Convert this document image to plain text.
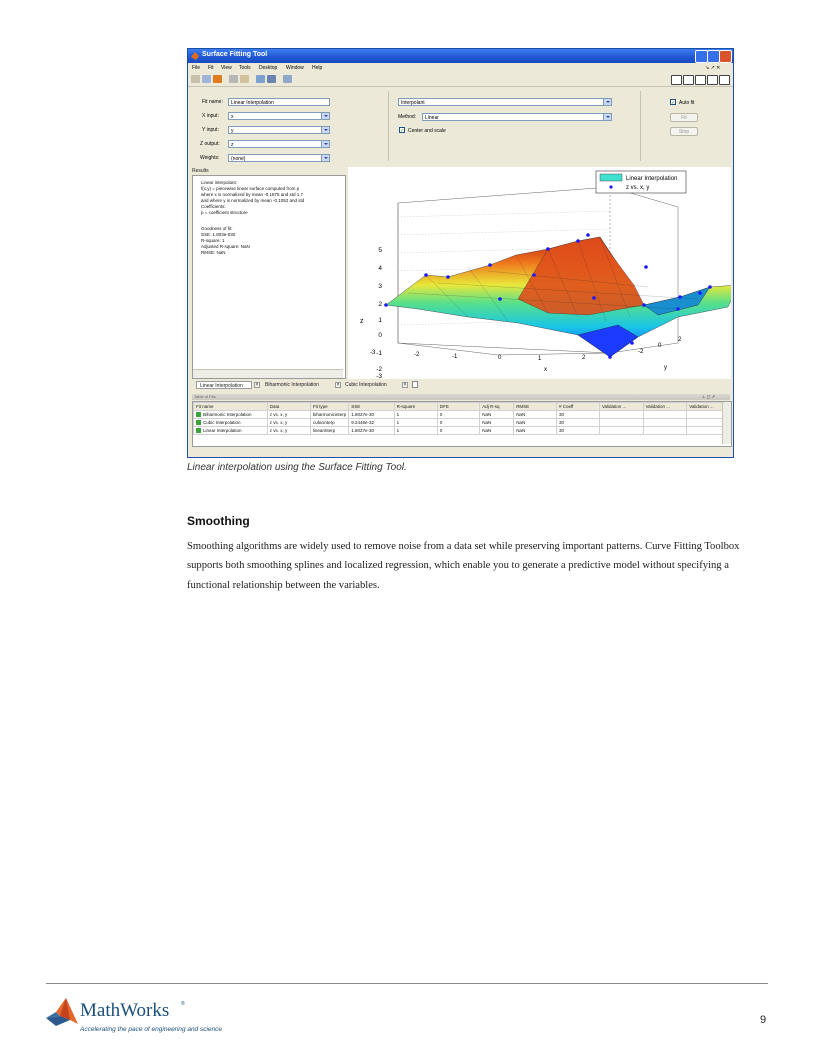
Surface Fitting Tool
File Fit View Tools Desktop Window Help	↘ ↗ ✕
Fit name:	Linear Interpolation
X input:	x
Y input:	y
Z output:	z
Weights:	(none)
Interpolant
Method:	Linear
✓ Center and scale
✓ Auto fit
Fit
Stop
Results
Linear interpolant:
f(x,y) = piecewise linear surface computed from p
where x is normalized by mean -0.1875 and std 1.7
and where y is normalized by mean -0.1052 and std
Coefficients:
p = coefficient structure
Goodness of fit:
SSE: 1.803e-030
R-square: 1
Adjusted R-square: NaN
RMSE: NaN
Linear Interpolation
z vs. x, y
5
4
3
2
1
0
-1
-2
-3
z
-3	-2	-1	0	1	2
x
2
0
-2
y
Linear Interpolation	×	Biharmonic Interpolation	×	Cubic Interpolation	×
Table of Fits	⊥ ▢ ↗
Fit name	Data	Fit type	SSE	R-square	DFE	Adj R-sq	RMSE	# Coeff	Validation ...	Validation ...	Validation ...
Biharmonic Interpolation	z vs. x, y	biharmonicinterp	1.8027e-30	1	0	NaN	NaN	30			
Cubic Interpolation	z vs. x, y	cubicinterp	9.2448e-32	1	0	NaN	NaN	30			
Linear Interpolation	z vs. x, y	linearinterp	1.8027e-30	1	0	NaN	NaN	30			
Linear interpolation using the Surface Fitting Tool.
Smoothing
Smoothing algorithms are widely used to remove noise from a data set while preserving important patterns. Curve Fitting Toolbox supports both smoothing splines and localized regression, which enable you to generate a predictive model without specifying a functional relationship between the variables.
MathWorks ®
Accelerating the pace of engineering and science
9
